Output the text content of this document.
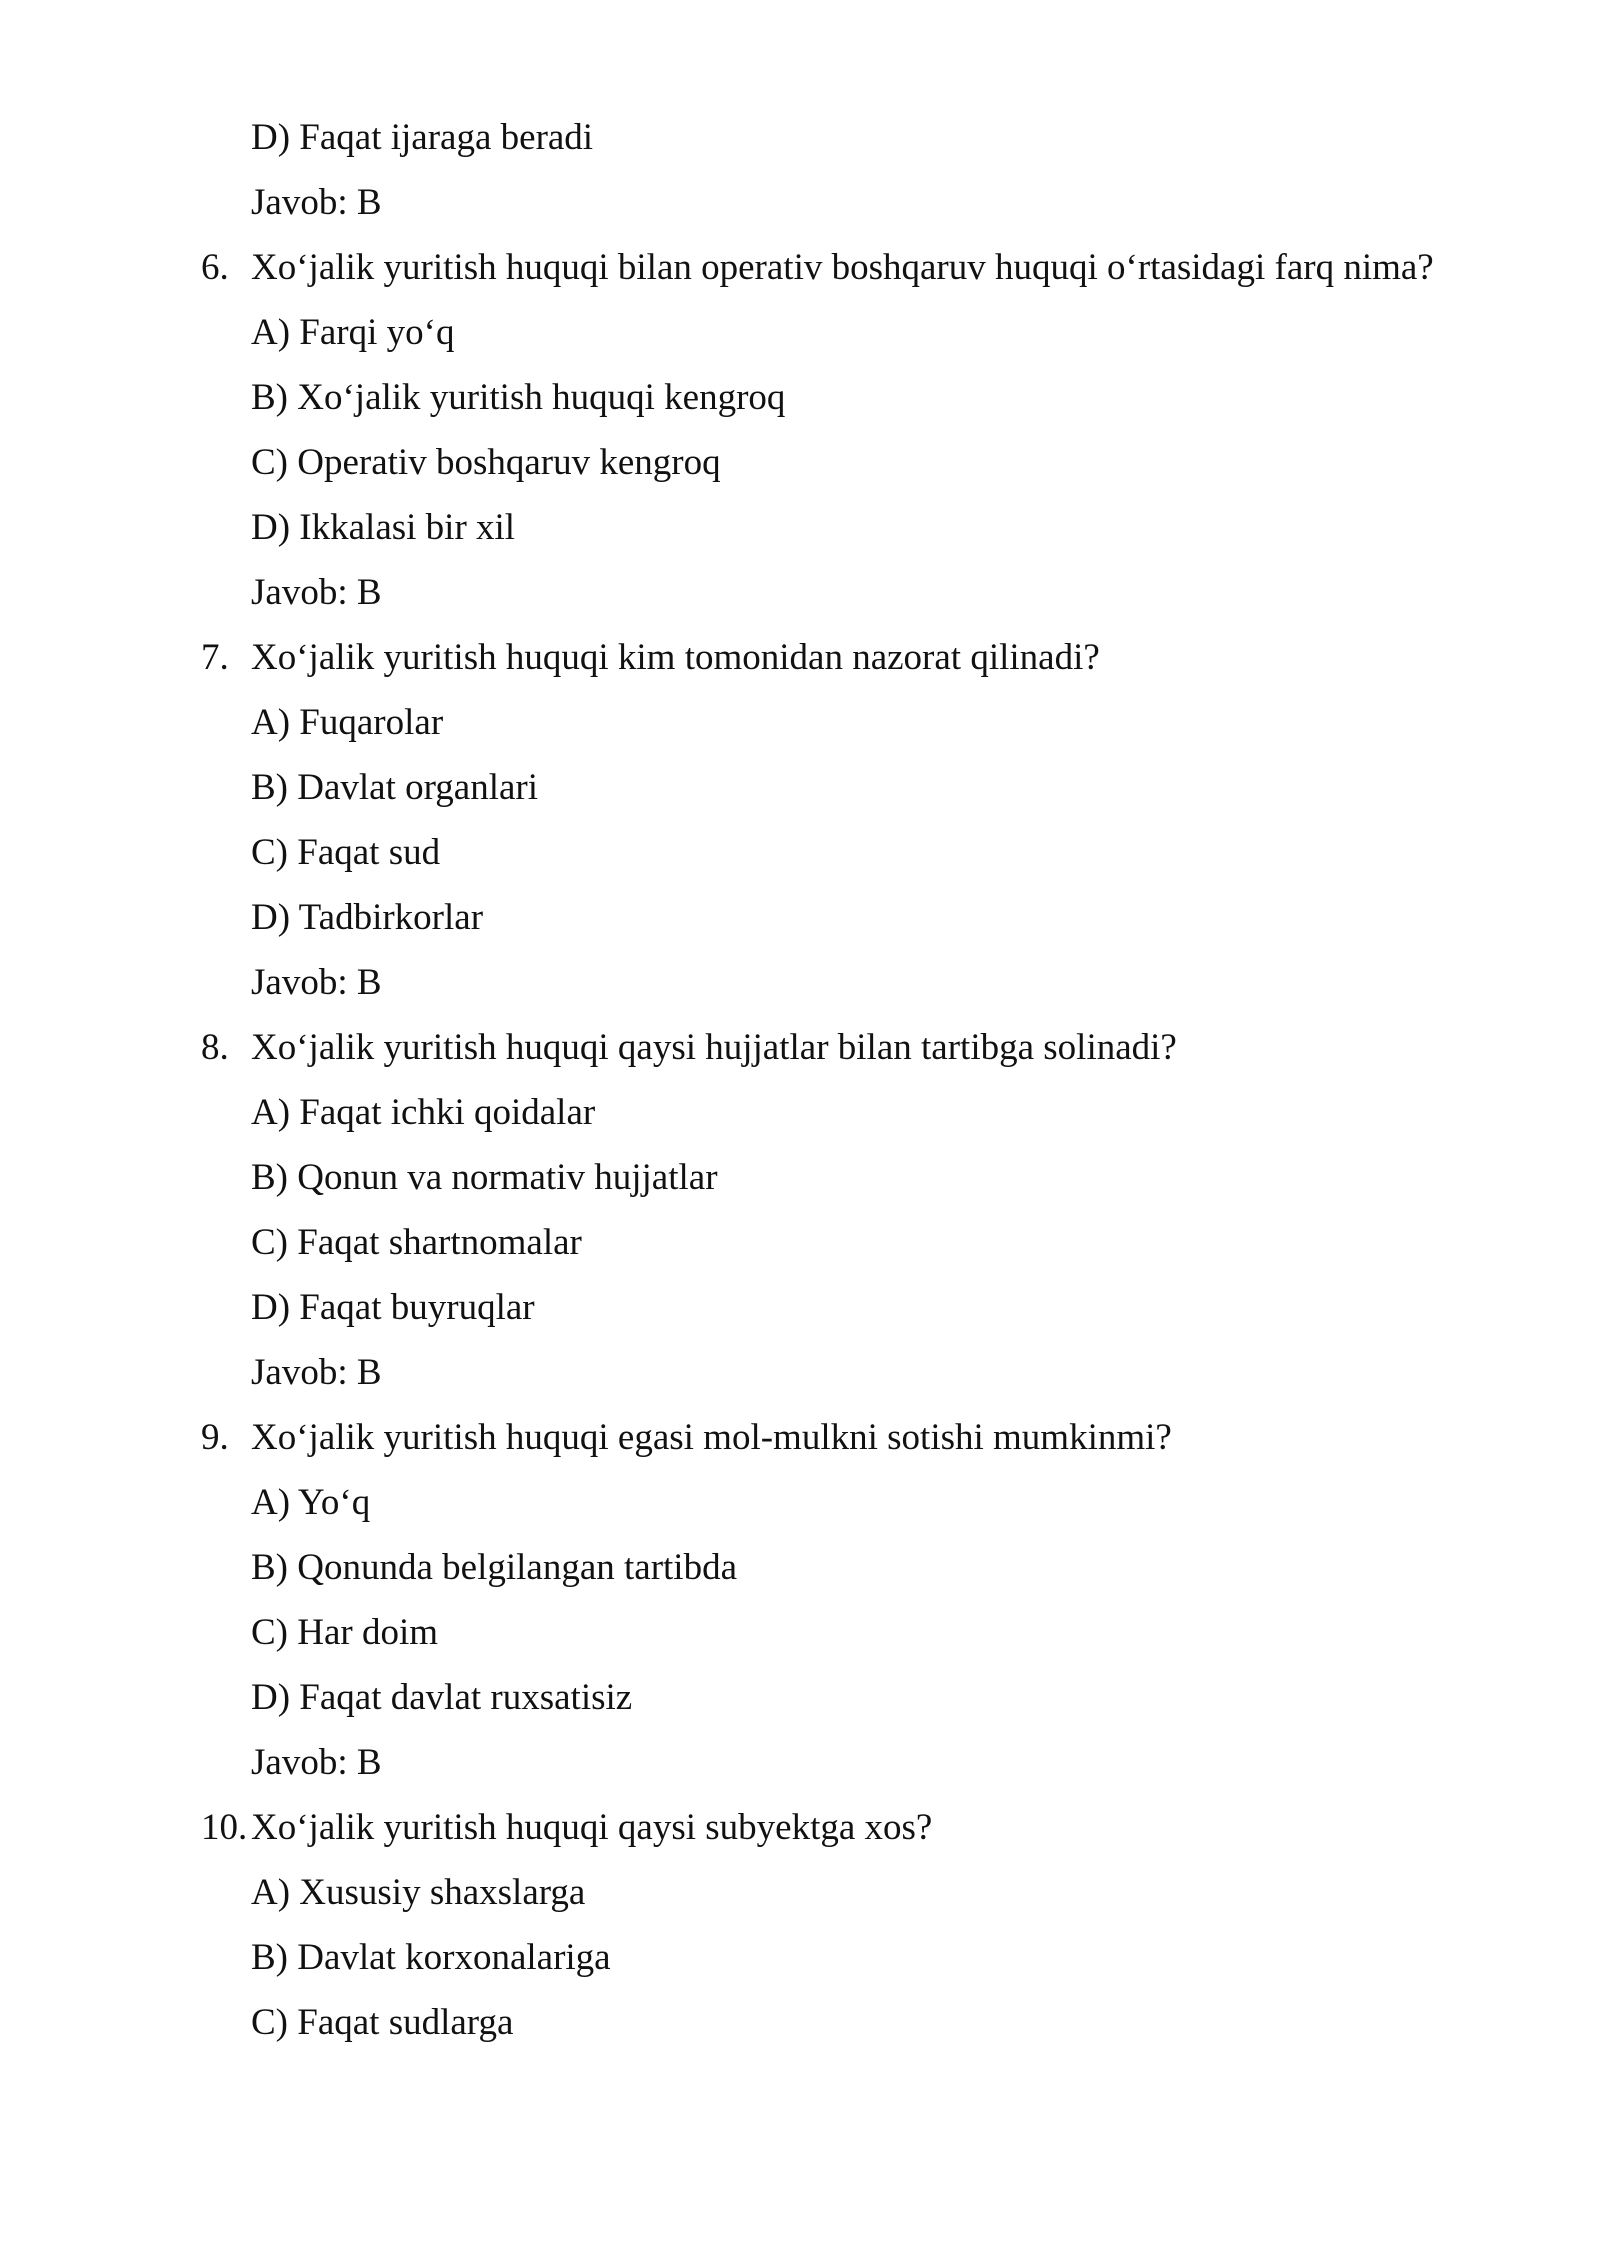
D) Faqat ijaraga beradi
Javob: B
6. Xo‘jalik yuritish huquqi bilan operativ boshqaruv huquqi o‘rtasidagi farq nima?
A) Farqi yo‘q
B) Xo‘jalik yuritish huquqi kengroq
C) Operativ boshqaruv kengroq
D) Ikkalasi bir xil
Javob: B
7. Xo‘jalik yuritish huquqi kim tomonidan nazorat qilinadi?
A) Fuqarolar
B) Davlat organlari
C) Faqat sud
D) Tadbirkorlar
Javob: B
8. Xo‘jalik yuritish huquqi qaysi hujjatlar bilan tartibga solinadi?
A) Faqat ichki qoidalar
B) Qonun va normativ hujjatlar
C) Faqat shartnomalar
D) Faqat buyruqlar
Javob: B
9. Xo‘jalik yuritish huquqi egasi mol-mulkni sotishi mumkinmi?
A) Yo‘q
B) Qonunda belgilangan tartibda
C) Har doim
D) Faqat davlat ruxsatisiz
Javob: B
10. Xo‘jalik yuritish huquqi qaysi subyektga xos?
A) Xususiy shaxslarga
B) Davlat korxonalariga
C) Faqat sudlarga
